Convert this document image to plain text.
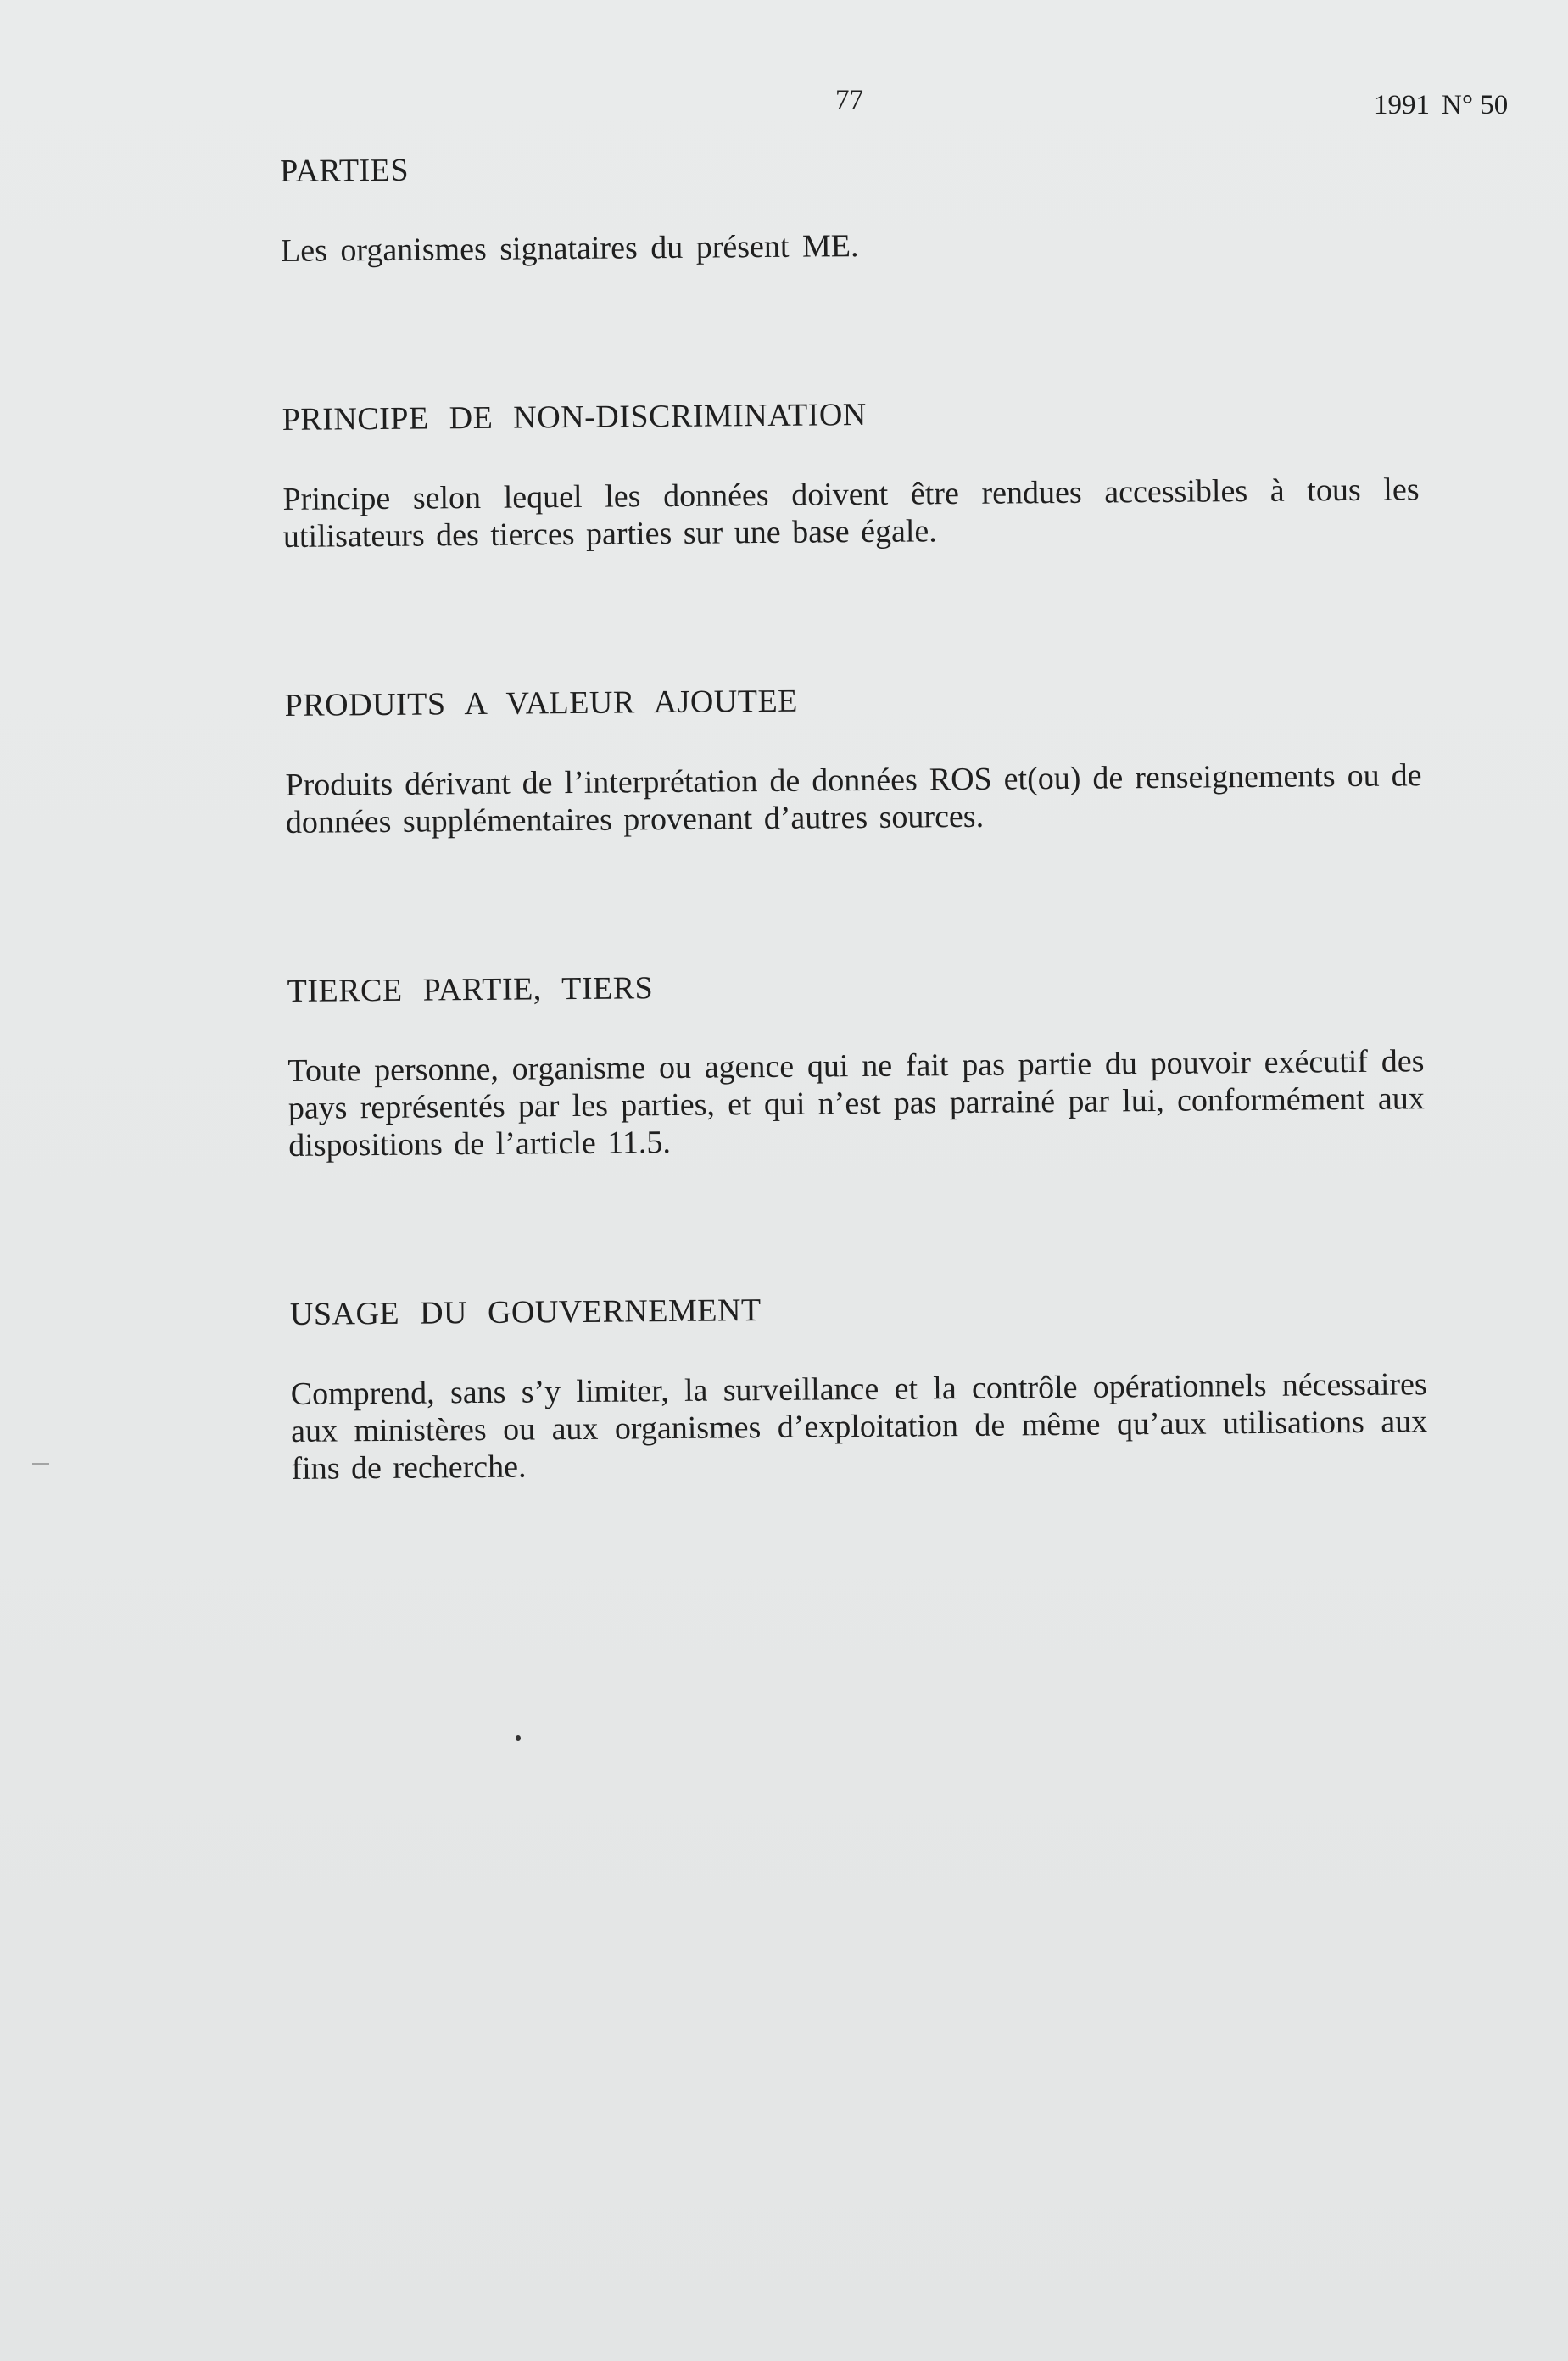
77	1991 N° 50
PARTIES

Les organismes signataires du présent ME.

PRINCIPE DE NON-DISCRIMINATION

Principe selon lequel les données doivent être rendues accessibles à tous les utilisateurs des tierces parties sur une base égale.

PRODUITS A VALEUR AJOUTEE

Produits dérivant de l’interprétation de données ROS et(ou) de renseignements ou de données supplémentaires provenant d’autres sources.

TIERCE PARTIE, TIERS

Toute personne, organisme ou agence qui ne fait pas partie du pouvoir exécutif des pays représentés par les parties, et qui n’est pas parrainé par lui, conformément aux dispositions de l’article 11.5.

USAGE DU GOUVERNEMENT

Comprend, sans s’y limiter, la surveillance et la contrôle opérationnels nécessaires aux ministères ou aux organismes d’exploitation de même qu’aux utilisations aux fins de recherche.
